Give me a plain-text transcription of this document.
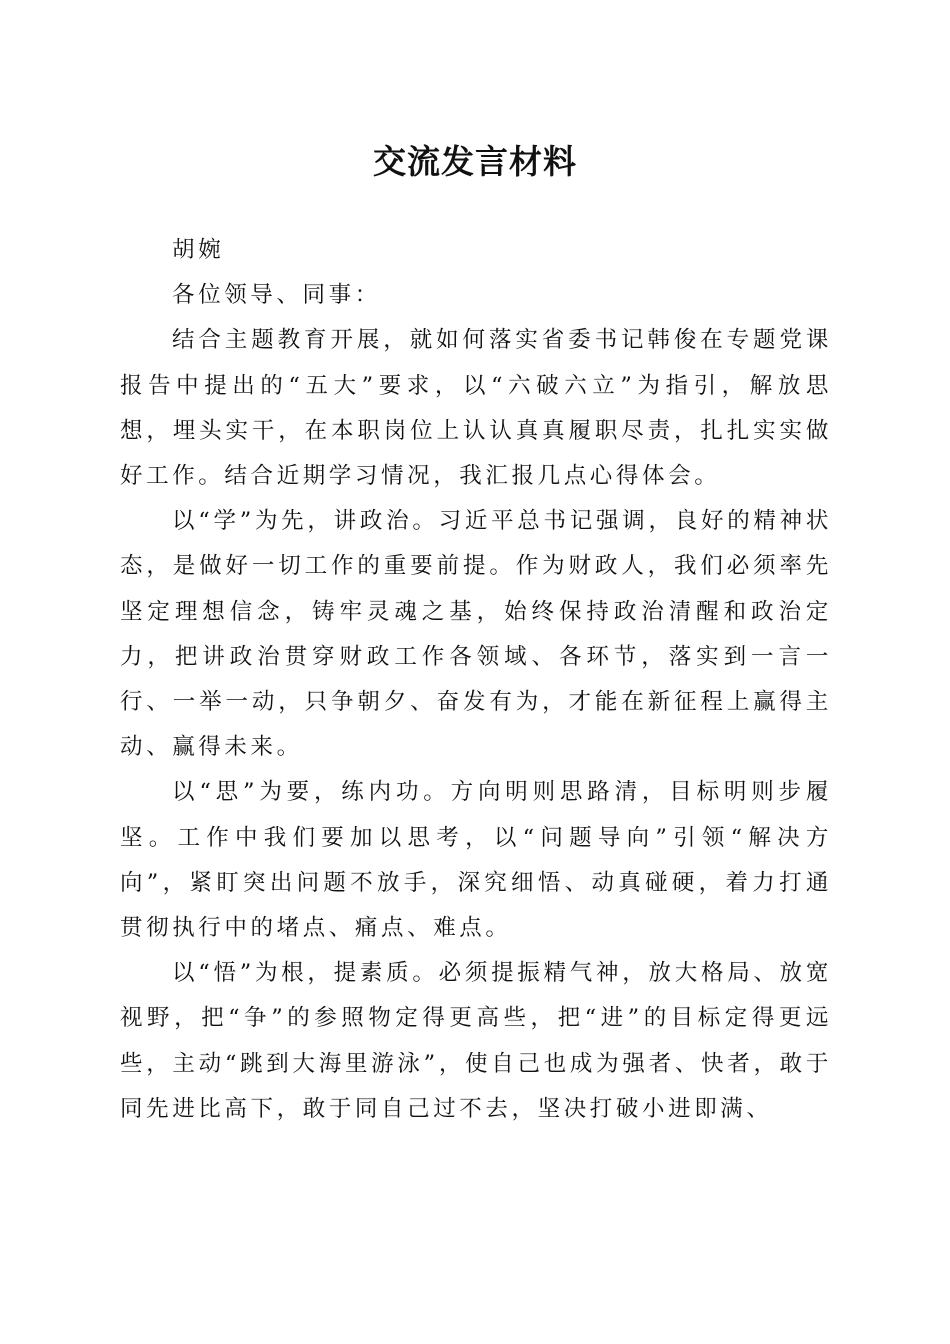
交流发言材料

胡婉

各位领导、同事：

结合主题教育开展，就如何落实省委书记韩俊在专题党课报告中提出的“五大”要求，以“六破六立”为指引，解放思想，埋头实干，在本职岗位上认认真真履职尽责，扎扎实实做好工作。结合近期学习情况，我汇报几点心得体会。

以“学”为先，讲政治。习近平总书记强调，良好的精神状态，是做好一切工作的重要前提。作为财政人，我们必须率先坚定理想信念，铸牢灵魂之基，始终保持政治清醒和政治定力，把讲政治贯穿财政工作各领域、各环节，落实到一言一行、一举一动，只争朝夕、奋发有为，才能在新征程上赢得主动、赢得未来。

以“思”为要，练内功。方向明则思路清，目标明则步履坚。工作中我们要加以思考，以“问题导向”引领“解决方向”，紧盯突出问题不放手，深究细悟、动真碰硬，着力打通贯彻执行中的堵点、痛点、难点。

以“悟”为根，提素质。必须提振精气神，放大格局、放宽视野，把“争”的参照物定得更高些，把“进”的目标定得更远些，主动“跳到大海里游泳”，使自己也成为强者、快者，敢于同先进比高下，敢于同自己过不去，坚决打破小进即满、
